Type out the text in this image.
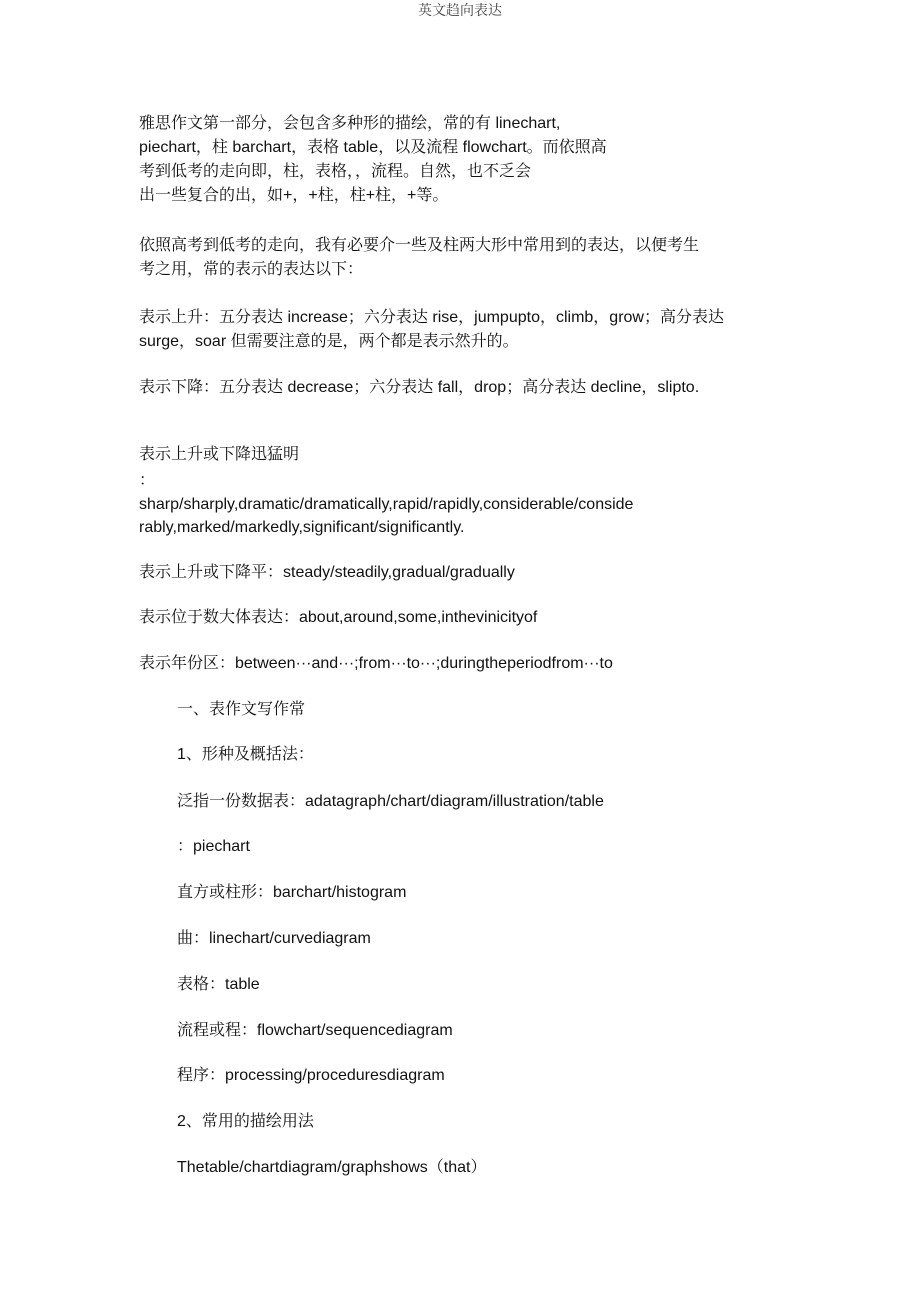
英文趋向表达
雅思作文第一部分，会包含多种形的描绘，常的有 linechart,
piechart，柱 barchart，表格 table，以及流程 flowchart。而依照高
考到低考的走向即，柱，表格，，流程。自然，也不乏会
出一些复合的出，如+，+柱，柱+柱，+等。
依照高考到低考的走向，我有必要介一些及柱两大形中常用到的表达，以便考生
考之用，常的表示的表达以下：
表示上升：五分表达 increase；六分表达 rise，jumpupto，climb，grow；高分表达
surge，soar 但需要注意的是，两个都是表示然升的。
表示下降：五分表达 decrease；六分表达 fall，drop；高分表达 decline，slipto.
表示上升或下降迅猛明
：
sharp/sharply,dramatic/dramatically,rapid/rapidly,considerable/conside
rably,marked/markedly,significant/significantly.
表示上升或下降平：steady/steadily,gradual/gradually
表示位于数大体表达：about,around,some,inthevinicityof
表示年份区：between···and···;from···to···;duringtheperiodfrom···to
一、表作文写作常
1、形种及概括法：
泛指一份数据表：adatagraph/chart/diagram/illustration/table
：piechart
直方或柱形：barchart/histogram
曲：linechart/curvediagram
表格：table
流程或程：flowchart/sequencediagram
程序：processing/proceduresdiagram
2、常用的描绘用法
Thetable/chartdiagram/graphshows（that）
